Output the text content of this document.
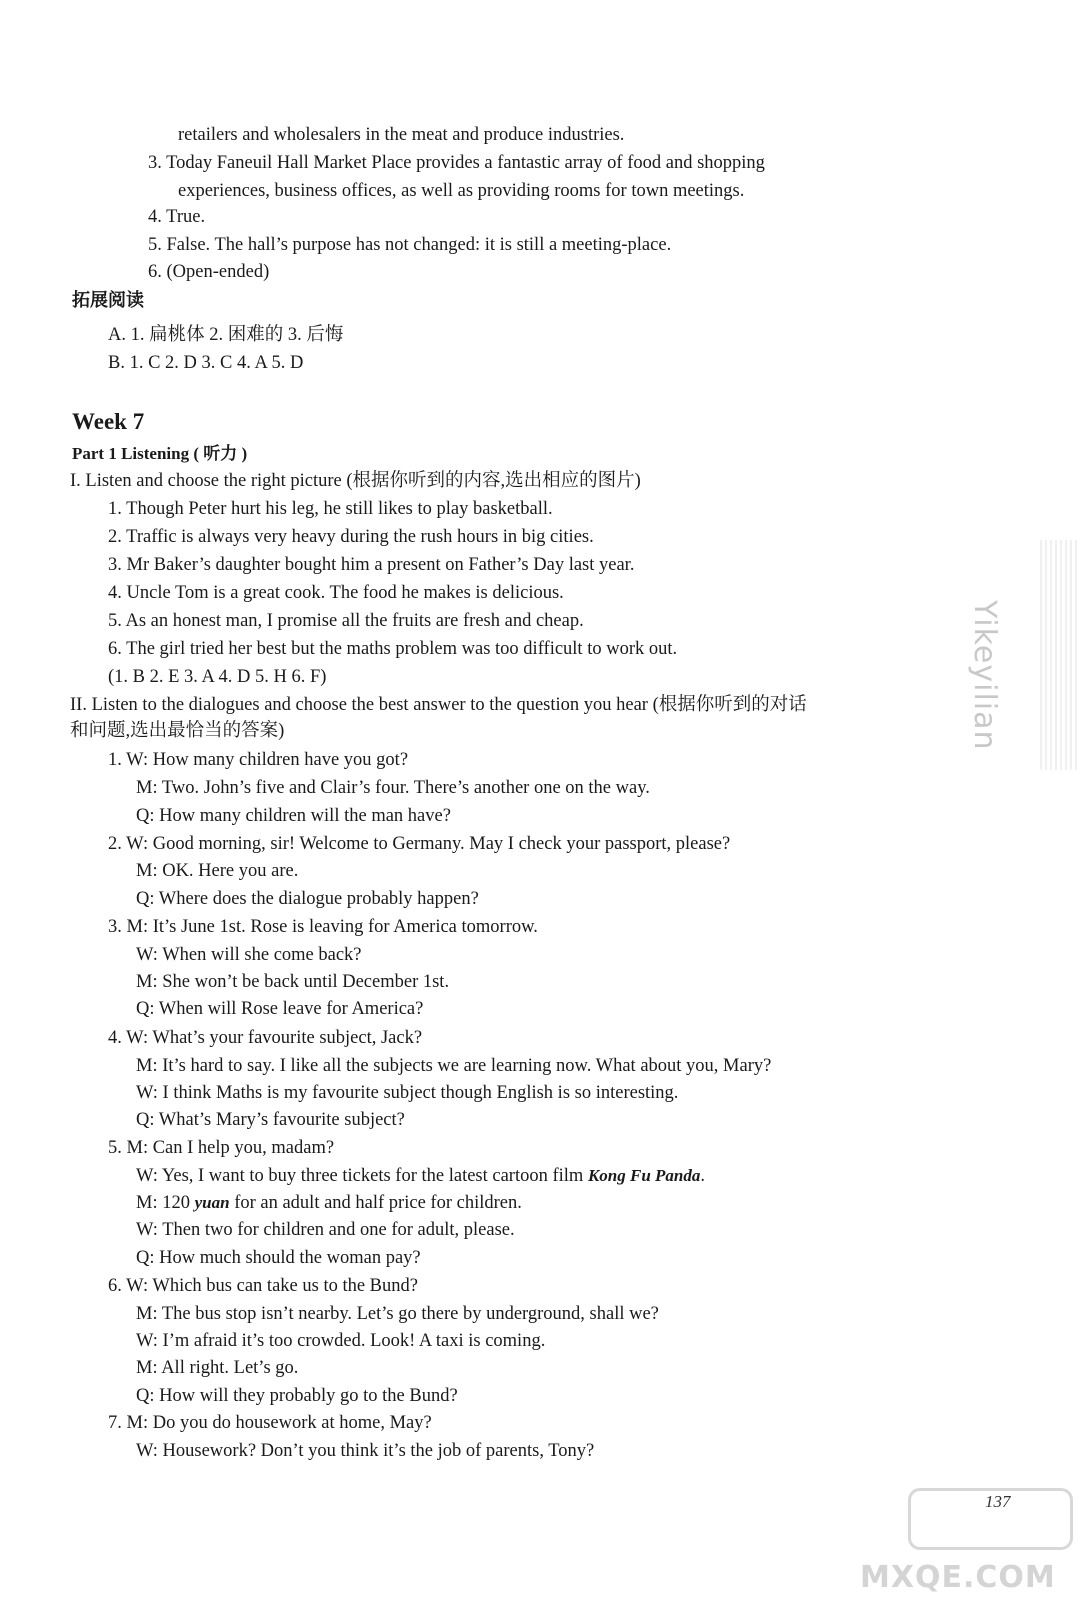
retailers and wholesalers in the meat and produce industries.
3. Today Faneuil Hall Market Place provides a fantastic array of food and shopping
experiences, business offices, as well as providing rooms for town meetings.
4. True.
5. False. The hall’s purpose has not changed: it is still a meeting-place.
6. (Open-ended)
拓展阅读
A. 1. 扁桃体 2. 困难的 3. 后悔
B. 1. C 2. D 3. C 4. A 5. D
Week 7
Part 1 Listening ( 听力 )
I. Listen and choose the right picture (根据你听到的内容,选出相应的图片)
1. Though Peter hurt his leg, he still likes to play basketball.
2. Traffic is always very heavy during the rush hours in big cities.
3. Mr Baker’s daughter bought him a present on Father’s Day last year.
4. Uncle Tom is a great cook. The food he makes is delicious.
5. As an honest man, I promise all the fruits are fresh and cheap.
6. The girl tried her best but the maths problem was too difficult to work out.
(1. B 2. E 3. A 4. D 5. H 6. F)
II. Listen to the dialogues and choose the best answer to the question you hear (根据你听到的对话
和问题,选出最恰当的答案)
1. W: How many children have you got?
M: Two. John’s five and Clair’s four. There’s another one on the way.
Q: How many children will the man have?
2. W: Good morning, sir! Welcome to Germany. May I check your passport, please?
M: OK. Here you are.
Q: Where does the dialogue probably happen?
3. M: It’s June 1st. Rose is leaving for America tomorrow.
W: When will she come back?
M: She won’t be back until December 1st.
Q: When will Rose leave for America?
4. W: What’s your favourite subject, Jack?
M: It’s hard to say. I like all the subjects we are learning now. What about you, Mary?
W: I think Maths is my favourite subject though English is so interesting.
Q: What’s Mary’s favourite subject?
5. M: Can I help you, madam?
W: Yes, I want to buy three tickets for the latest cartoon film Kong Fu Panda.
M: 120 yuan for an adult and half price for children.
W: Then two for children and one for adult, please.
Q: How much should the woman pay?
6. W: Which bus can take us to the Bund?
M: The bus stop isn’t nearby. Let’s go there by underground, shall we?
W: I’m afraid it’s too crowded. Look! A taxi is coming.
M: All right. Let’s go.
Q: How will they probably go to the Bund?
7. M: Do you do housework at home, May?
W: Housework? Don’t you think it’s the job of parents, Tony?
Yikeyilian
137
MXQE.COM
